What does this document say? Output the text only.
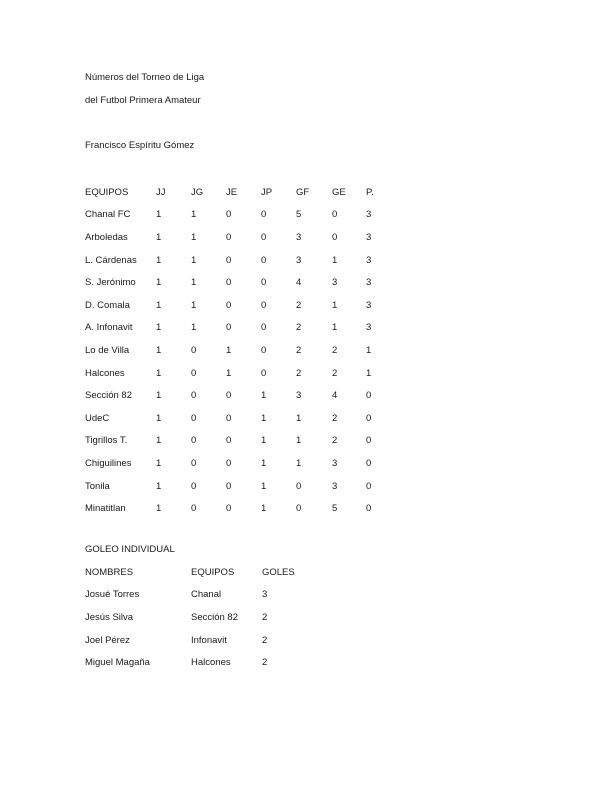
Números del Torneo de Liga
del Futbol Primera Amateur
Francisco Espíritu Gómez
EQUIPOS	JJ	JG	JE	JP	GF	GE	P.
Chanal FC	1	1	0	0	5	0	3
Arboledas	1	1	0	0	3	0	3
L. Cárdenas	1	1	0	0	3	1	3
S. Jerónimo	1	1	0	0	4	3	3
D. Comala	1	1	0	0	2	1	3
A. Infonavit	1	1	0	0	2	1	3
Lo de Villa	1	0	1	0	2	2	1
Halcones	1	0	1	0	2	2	1
Sección 82	1	0	0	1	3	4	0
UdeC	1	0	0	1	1	2	0
Tigrillos T.	1	0	0	1	1	2	0
Chiguilines	1	0	0	1	1	3	0
Tonila	1	0	0	1	0	3	0
Minatitlan	1	0	0	1	0	5	0
GOLEO INDIVIDUAL
NOMBRES	EQUIPOS	GOLES
Josué Torres	Chanal	3
Jesús Silva	Sección 82	2
Joel Pérez	Infonavit	2
Miguel Magaña	Halcones	2
